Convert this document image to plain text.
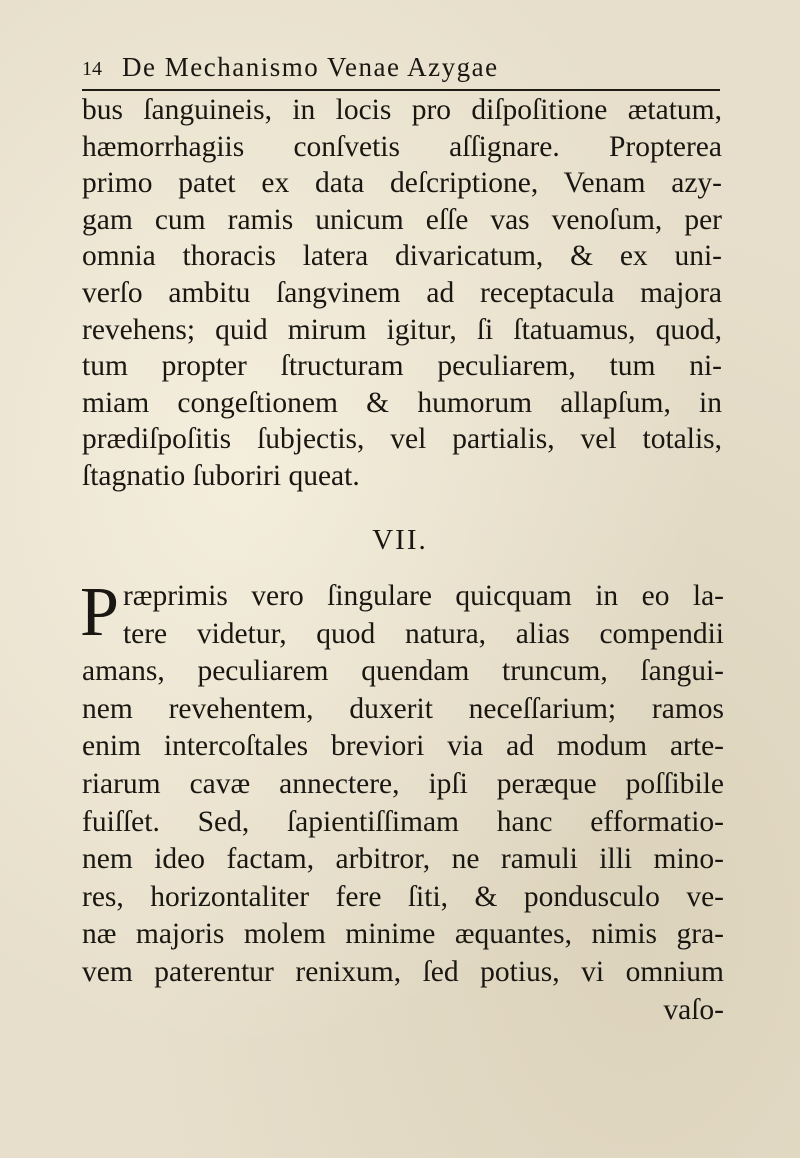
14 De Mechanismo Venae Azygae
bus ſanguineis, in locis pro diſpoſitione ætatum,
hæmorrhagiis conſvetis aſſignare. Propterea
primo patet ex data deſcriptione, Venam azy-
gam cum ramis unicum eſſe vas venoſum, per
omnia thoracis latera divaricatum, & ex uni-
verſo ambitu ſangvinem ad receptacula majora
revehens; quid mirum igitur, ſi ſtatuamus, quod,
tum propter ſtructuram peculiarem, tum ni-
miam congeſtionem & humorum allapſum, in
prædiſpoſitis ſubjectis, vel partialis, vel totalis,
ſtagnatio ſuboriri queat.
VII.
P ræprimis vero ſingulare quicquam in eo la-
tere videtur, quod natura, alias compendii
amans, peculiarem quendam truncum, ſangui-
nem revehentem, duxerit neceſſarium; ramos
enim intercoſtales breviori via ad modum arte-
riarum cavæ annectere, ipſi peræque poſſibile
fuiſſet. Sed, ſapientiſſimam hanc efformatio-
nem ideo factam, arbitror, ne ramuli illi mino-
res, horizontaliter fere ſiti, & pondusculo ve-
næ majoris molem minime æquantes, nimis gra-
vem paterentur renixum, ſed potius, vi omnium
vaſo-
